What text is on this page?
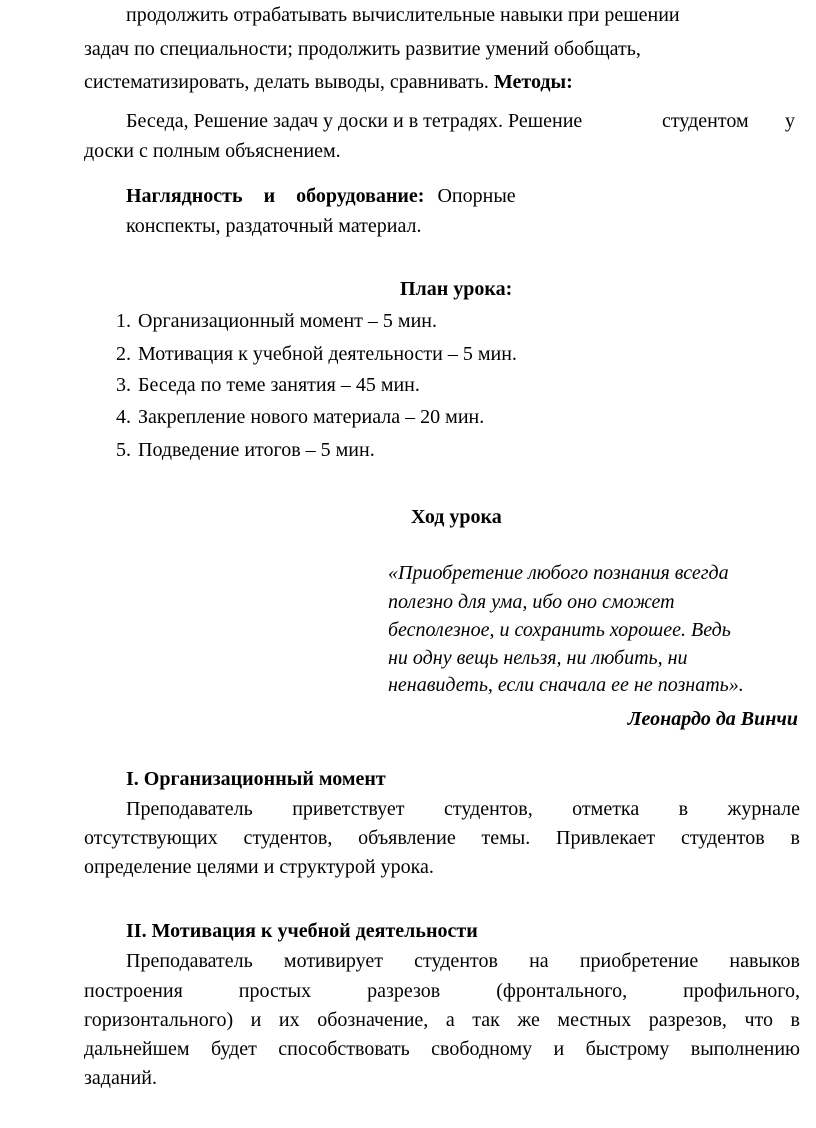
продолжить отрабатывать вычислительные навыки при решении
задач по специальности; продолжить развитие умений обобщать,
систематизировать, делать выводы, сравнивать. Методы:
Беседа, Решение задач у доски и в тетрадях. Решение	студентом у
доски с полным объяснением.
Наглядность и оборудование: Опорные
конспекты, раздаточный материал.
План урока:
1. Организационный момент – 5 мин.
2. Мотивация к учебной деятельности – 5 мин.
3. Беседа по теме занятия – 45 мин.
4. Закрепление нового материала – 20 мин.
5. Подведение итогов – 5 мин.
Ход урока
«Приобретение любого познания всегда
полезно для ума, ибо оно сможет
бесполезное, и сохранить хорошее. Ведь
ни одну вещь нельзя, ни любить, ни
ненавидеть, если сначала ее не познать».
Леонардо да Винчи
I. Организационный момент
Преподаватель приветствует студентов, отметка в журнале
отсутствующих студентов, объявление темы. Привлекает студентов в
определение целями и структурой урока.
II. Мотивация к учебной деятельности
Преподаватель мотивирует студентов на приобретение навыков
построения простых разрезов (фронтального, профильного,
горизонтального) и их обозначение, а так же местных разрезов, что в
дальнейшем будет способствовать свободному и быстрому выполнению
заданий.
